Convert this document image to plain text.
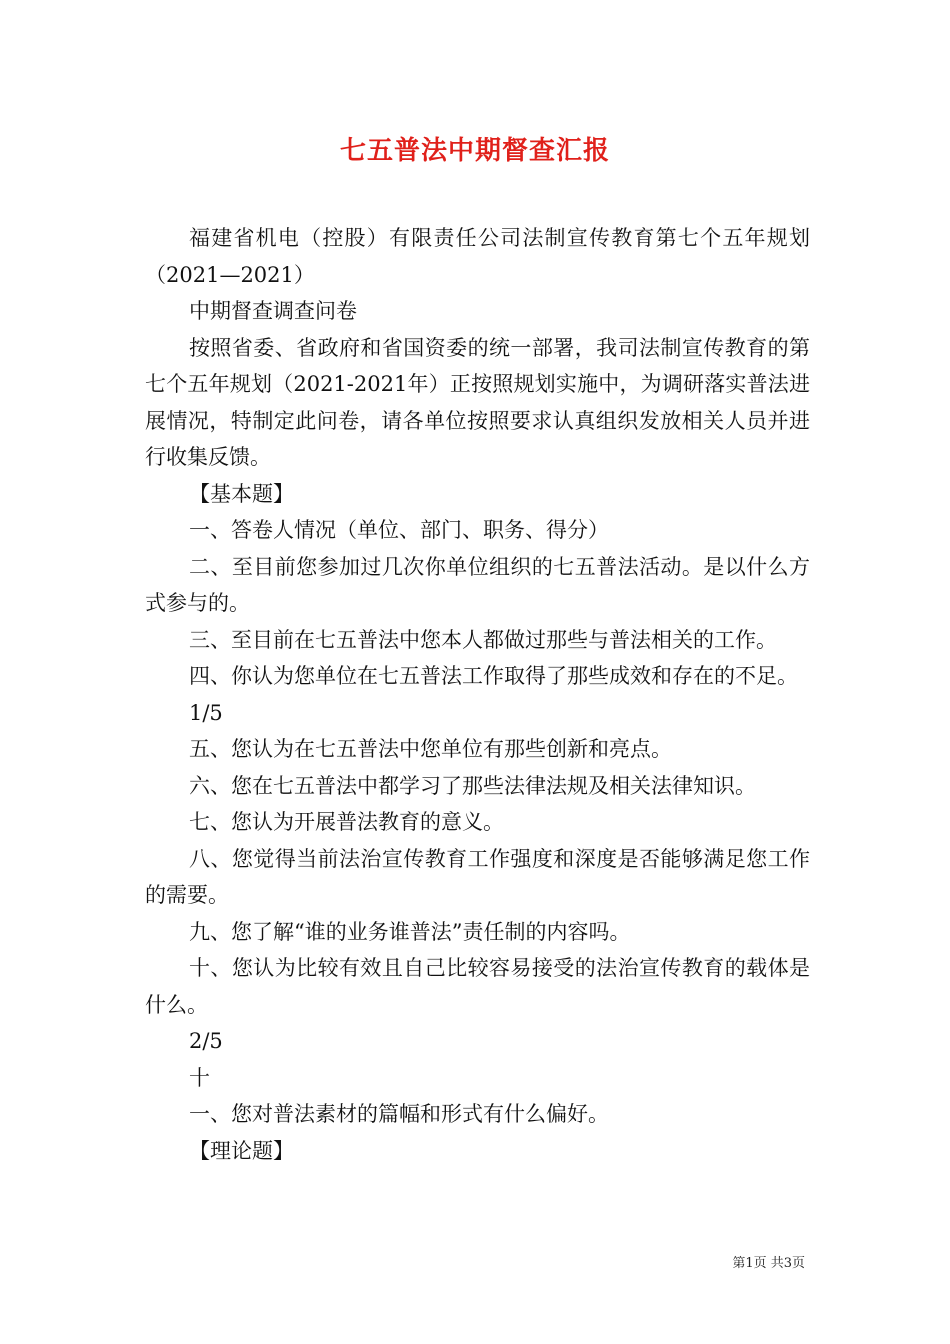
七五普法中期督查汇报

福建省机电（控股）有限责任公司法制宣传教育第七个五年规划（2021—2021）

中期督查调查问卷

按照省委、省政府和省国资委的统一部署，我司法制宣传教育的第七个五年规划（2021-2021年）正按照规划实施中，为调研落实普法进展情况，特制定此问卷，请各单位按照要求认真组织发放相关人员并进行收集反馈。

【基本题】

一、答卷人情况（单位、部门、职务、得分）

二、至目前您参加过几次你单位组织的七五普法活动。是以什么方式参与的。

三、至目前在七五普法中您本人都做过那些与普法相关的工作。

四、你认为您单位在七五普法工作取得了那些成效和存在的不足。

1/5

五、您认为在七五普法中您单位有那些创新和亮点。

六、您在七五普法中都学习了那些法律法规及相关法律知识。

七、您认为开展普法教育的意义。

八、您觉得当前法治宣传教育工作强度和深度是否能够满足您工作的需要。

九、您了解“谁的业务谁普法”责任制的内容吗。

十、您认为比较有效且自己比较容易接受的法治宣传教育的载体是什么。

2/5

十

一、您对普法素材的篇幅和形式有什么偏好。

【理论题】

第1页 共3页
